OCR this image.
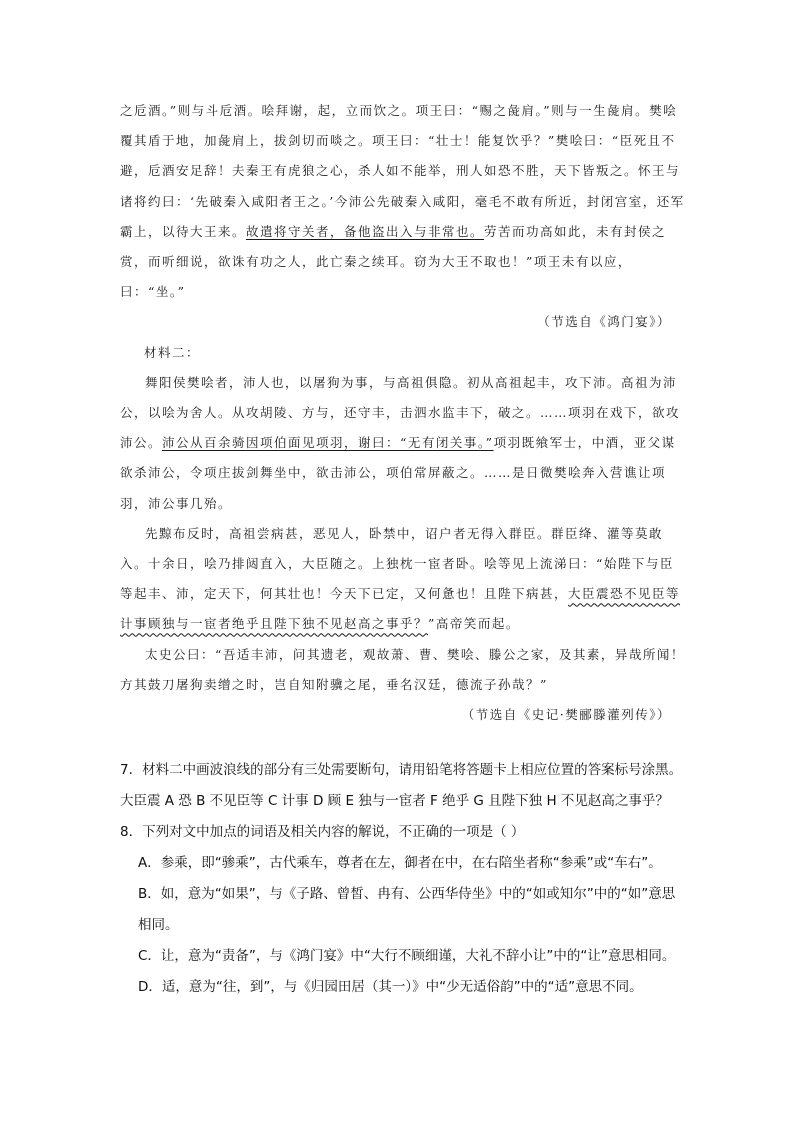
之卮酒。”则与斗卮酒。哙拜谢，起，立而饮之。项王曰：“赐之彘肩。”则与一生彘肩。樊哙覆其盾于地，加彘肩上，拔剑切而啖之。项王曰：“壮士！能复饮乎？”樊哙曰：“臣死且不避，卮酒安足辞！夫秦王有虎狼之心，杀人如不能举，刑人如恐不胜，天下皆叛之。怀王与诸将约曰：‘先破秦入咸阳者王之。’今沛公先破秦入咸阳，毫毛不敢有所近，封闭宫室，还军霸上，以待大王来。故遣将守关者，备他盗出入与非常也。劳苦而功高如此，未有封侯之赏，而听细说，欲诛有功之人，此亡秦之续耳。窃为大王不取也！”项王未有以应，曰：“坐。”

（节选自《鸿门宴》）

材料二：

舞阳侯樊哙者，沛人也，以屠狗为事，与高祖俱隐。初从高祖起丰，攻下沛。高祖为沛公，以哙为舍人。从攻胡陵、方与，还守丰，击泗水监丰下，破之。……项羽在戏下，欲攻沛公。沛公从百余骑因项伯面见项羽，谢曰：“无有闭关事。”项羽既飨军士，中酒，亚父谋欲杀沛公，令项庄拔剑舞坐中，欲击沛公，项伯常屏蔽之。……是日微樊哙奔入营谯让项羽，沛公事几殆。

先黥布反时，高祖尝病甚，恶见人，卧禁中，诏户者无得入群臣。群臣绛、灌等莫敢入。十余日，哙乃排闼直入，大臣随之。上独枕一宦者卧。哙等见上流涕曰：“始陛下与臣等起丰、沛，定天下，何其壮也！今天下已定，又何惫也！且陛下病甚，大臣震恐不见臣等计事顾独与一宦者绝乎且陛下独不见赵高之事乎？”高帝笑而起。

太史公曰：“吾适丰沛，问其遗老，观故萧、曹、樊哙、滕公之家，及其素，异哉所闻！方其鼓刀屠狗卖缯之时，岂自知附骥之尾，垂名汉廷，德流子孙哉？”

（节选自《史记·樊郦滕灌列传》）

7．材料二中画波浪线的部分有三处需要断句，请用铅笔将答题卡上相应位置的答案标号涂黑。

大臣震 A 恐 B 不见臣等 C 计事 D 顾 E 独与一宦者 F 绝乎 G 且陛下独 H 不见赵高之事乎？

8．下列对文中加点的词语及相关内容的解说，不正确的一项是（ ）

A．参乘，即“骖乘”，古代乘车，尊者在左，御者在中，在右陪坐者称“参乘”或“车右”。

B．如，意为“如果”，与《子路、曾皙、冉有、公西华侍坐》中的“如或知尔”中的“如”意思相同。

C．让，意为“责备”，与《鸿门宴》中“大行不顾细谨，大礼不辞小让”中的“让”意思相同。

D．适，意为“往，到”，与《归园田居（其一）》中“少无适俗韵”中的“适”意思不同。
